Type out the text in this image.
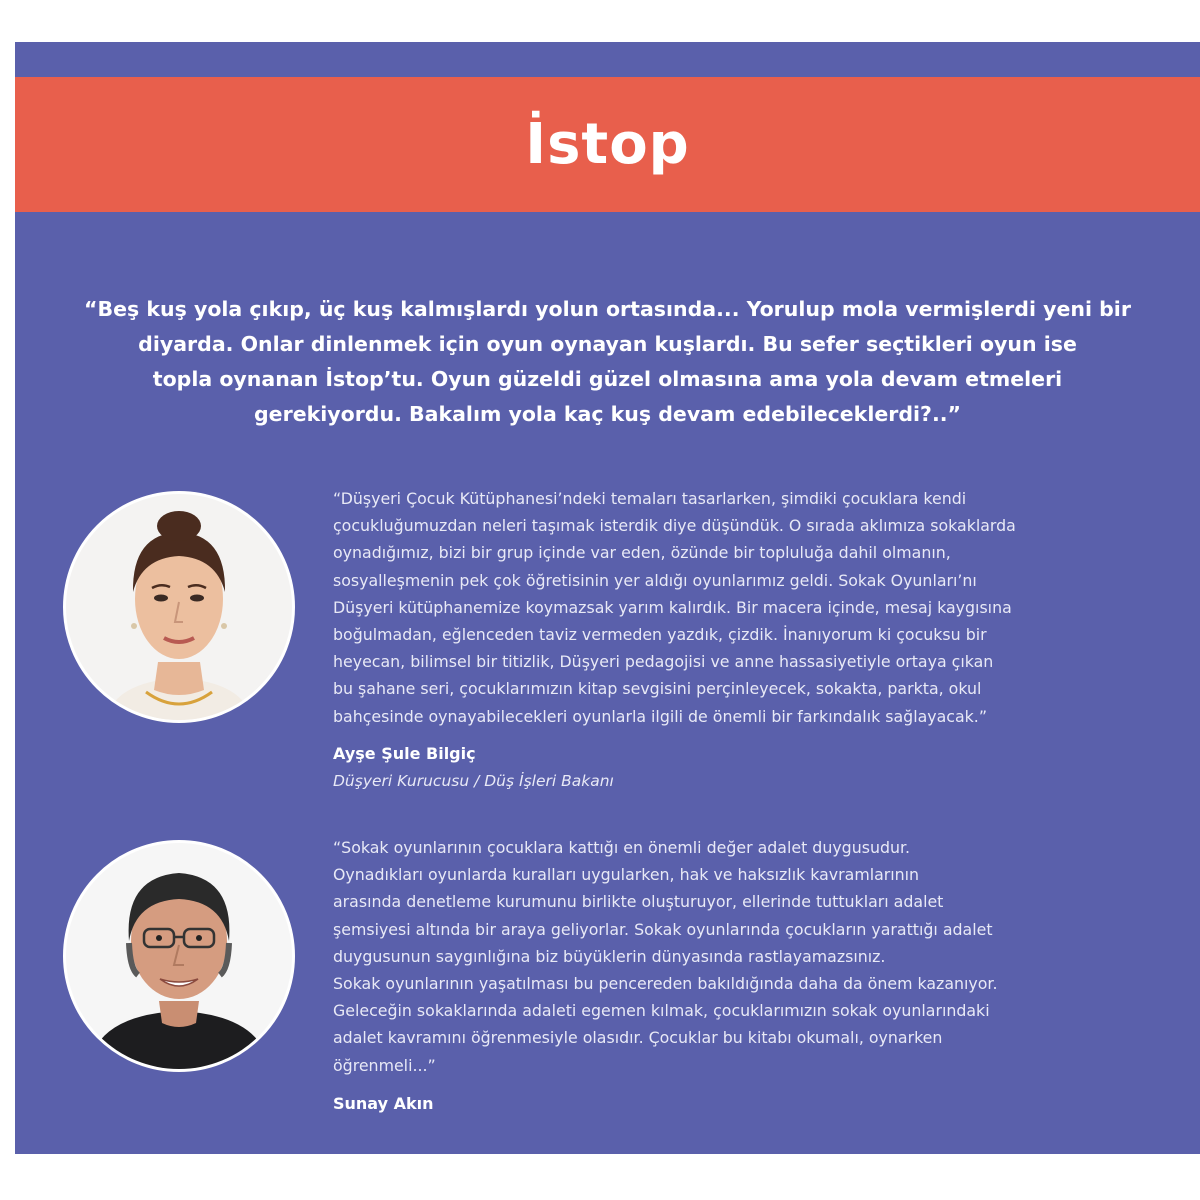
İstop
“Beş kuş yola çıkıp, üç kuş kalmışlardı yolun ortasında... Yorulup mola vermişlerdi yeni bir
diyarda. Onlar dinlenmek için oyun oynayan kuşlardı. Bu sefer seçtikleri oyun ise
topla oynanan İstop’tu. Oyun güzeldi güzel olmasına ama yola devam etmeleri
gerekiyordu. Bakalım yola kaç kuş devam edebileceklerdi?..”
“Düşyeri Çocuk Kütüphanesi’ndeki temaları tasarlarken, şimdiki çocuklara kendi
çocukluğumuzdan neleri taşımak isterdik diye düşündük. O sırada aklımıza sokaklarda
oynadığımız, bizi bir grup içinde var eden, özünde bir topluluğa dahil olmanın,
sosyalleşmenin pek çok öğretisinin yer aldığı oyunlarımız geldi. Sokak Oyunları’nı
Düşyeri kütüphanemize koymazsak yarım kalırdık. Bir macera içinde, mesaj kaygısına
boğulmadan, eğlenceden taviz vermeden yazdık, çizdik. İnanıyorum ki çocuksu bir
heyecan, bilimsel bir titizlik, Düşyeri pedagojisi ve anne hassasiyetiyle ortaya çıkan
bu şahane seri, çocuklarımızın kitap sevgisini perçinleyecek, sokakta, parkta, okul
bahçesinde oynayabilecekleri oyunlarla ilgili de önemli bir farkındalık sağlayacak.”
Ayşe Şule Bilgiç
Düşyeri Kurucusu / Düş İşleri Bakanı
“Sokak oyunlarının çocuklara kattığı en önemli değer adalet duygusudur.
Oynadıkları oyunlarda kuralları uygularken, hak ve haksızlık kavramlarının
arasında denetleme kurumunu birlikte oluşturuyor, ellerinde tuttukları adalet
şemsiyesi altında bir araya geliyorlar. Sokak oyunlarında çocukların yarattığı adalet
duygusunun saygınlığına biz büyüklerin dünyasında rastlayamazsınız.
Sokak oyunlarının yaşatılması bu pencereden bakıldığında daha da önem kazanıyor.
Geleceğin sokaklarında adaleti egemen kılmak, çocuklarımızın sokak oyunlarındaki
adalet kavramını öğrenmesiyle olasıdır. Çocuklar bu kitabı okumalı, oynarken
öğrenmeli...”
Sunay Akın
